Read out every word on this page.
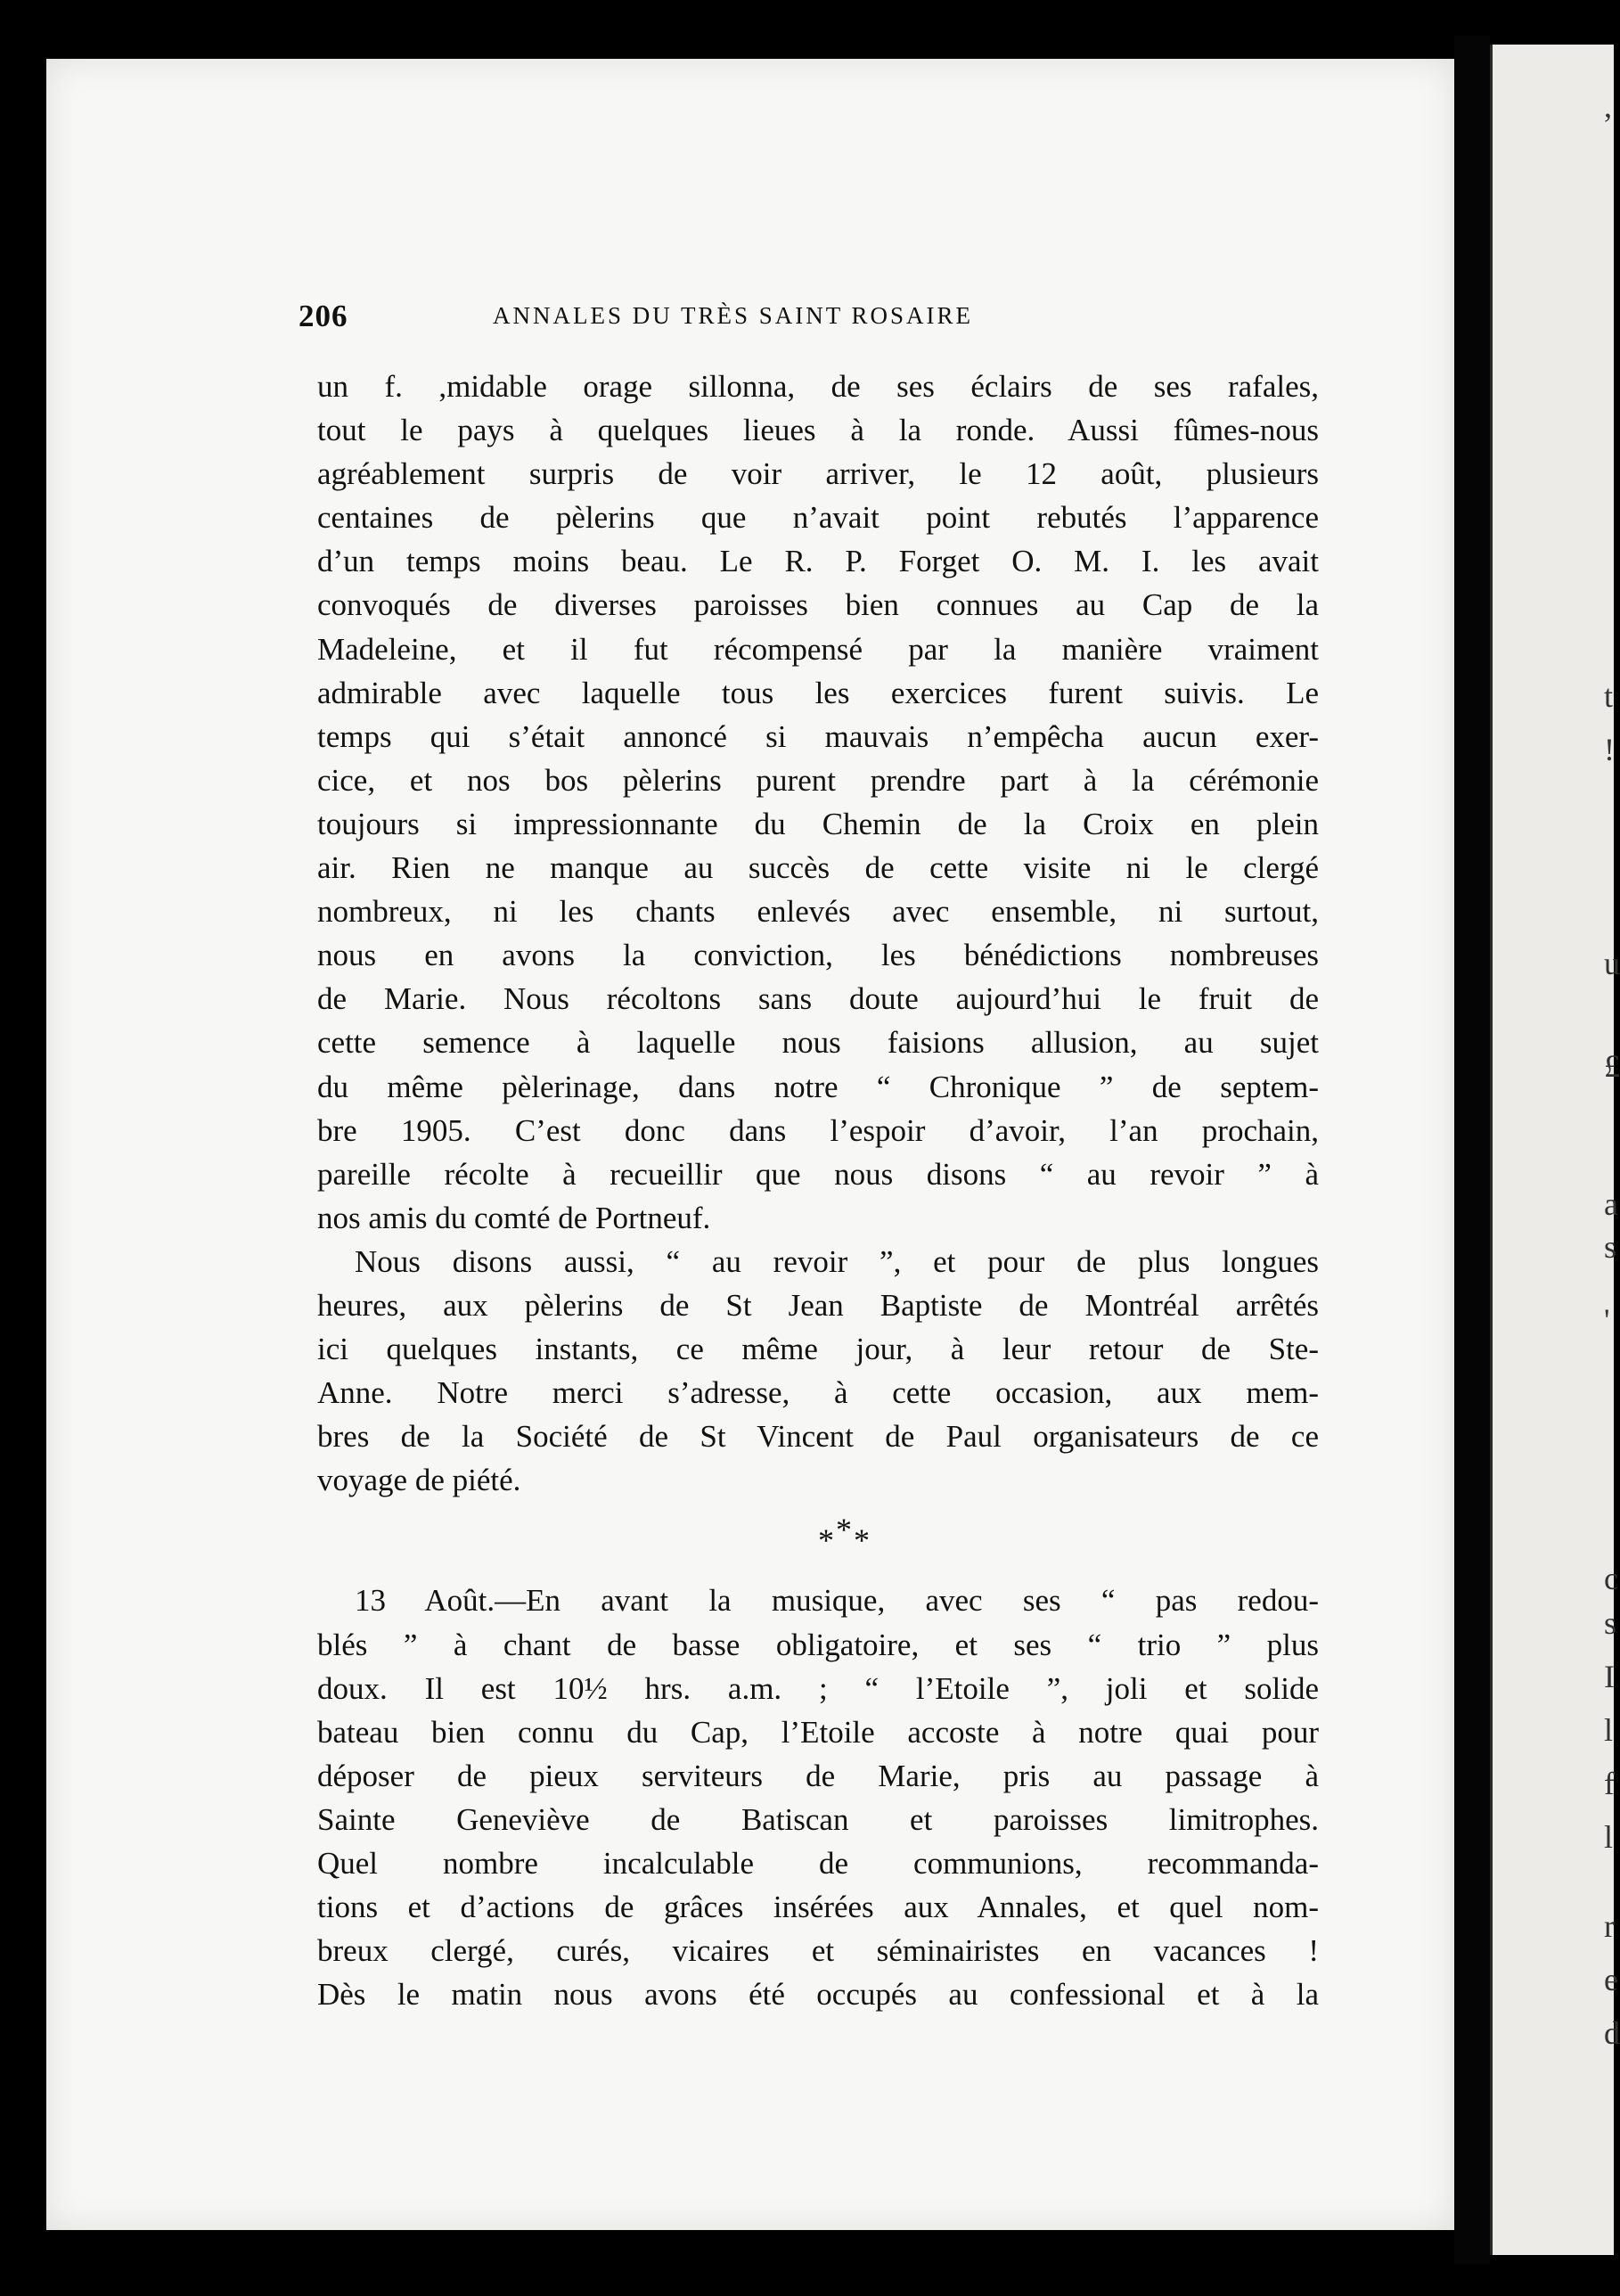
,
t
!
u
£
a
s
'
c
s
I
l
f
l
r
e
d
206	ANNALES DU TRÈS SAINT ROSAIRE
un f. ,midable orage sillonna, de ses éclairs de ses rafales,
tout le pays à quelques lieues à la ronde. Aussi fûmes-nous
agréablement surpris de voir arriver, le 12 août, plusieurs
centaines de pèlerins que n’avait point rebutés l’apparence
d’un temps moins beau. Le R. P. Forget O. M. I. les avait
convoqués de diverses paroisses bien connues au Cap de la
Madeleine, et il fut récompensé par la manière vraiment
admirable avec laquelle tous les exercices furent suivis. Le
temps qui s’était annoncé si mauvais n’empêcha aucun exer-
cice, et nos bos pèlerins purent prendre part à la cérémonie
toujours si impressionnante du Chemin de la Croix en plein
air. Rien ne manque au succès de cette visite ni le clergé
nombreux, ni les chants enlevés avec ensemble, ni surtout,
nous en avons la conviction, les bénédictions nombreuses
de Marie. Nous récoltons sans doute aujourd’hui le fruit de
cette semence à laquelle nous faisions allusion, au sujet
du même pèlerinage, dans notre “ Chronique ” de septem-
bre 1905. C’est donc dans l’espoir d’avoir, l’an prochain,
pareille récolte à recueillir que nous disons “ au revoir ” à
nos amis du comté de Portneuf.
Nous disons aussi, “ au revoir ”, et pour de plus longues
heures, aux pèlerins de St Jean Baptiste de Montréal arrêtés
ici quelques instants, ce même jour, à leur retour de Ste-
Anne. Notre merci s’adresse, à cette occasion, aux mem-
bres de la Société de St Vincent de Paul organisateurs de ce
voyage de piété.
***
13 Août.—En avant la musique, avec ses “ pas redou-
blés ” à chant de basse obligatoire, et ses “ trio ” plus
doux. Il est 10½ hrs. a.m. ; “ l’Etoile ”, joli et solide
bateau bien connu du Cap, l’Etoile accoste à notre quai pour
déposer de pieux serviteurs de Marie, pris au passage à
Sainte Geneviève de Batiscan et paroisses limitrophes.
Quel nombre incalculable de communions, recommanda-
tions et d’actions de grâces insérées aux Annales, et quel nom-
breux clergé, curés, vicaires et séminairistes en vacances !
Dès le matin nous avons été occupés au confessional et à la
